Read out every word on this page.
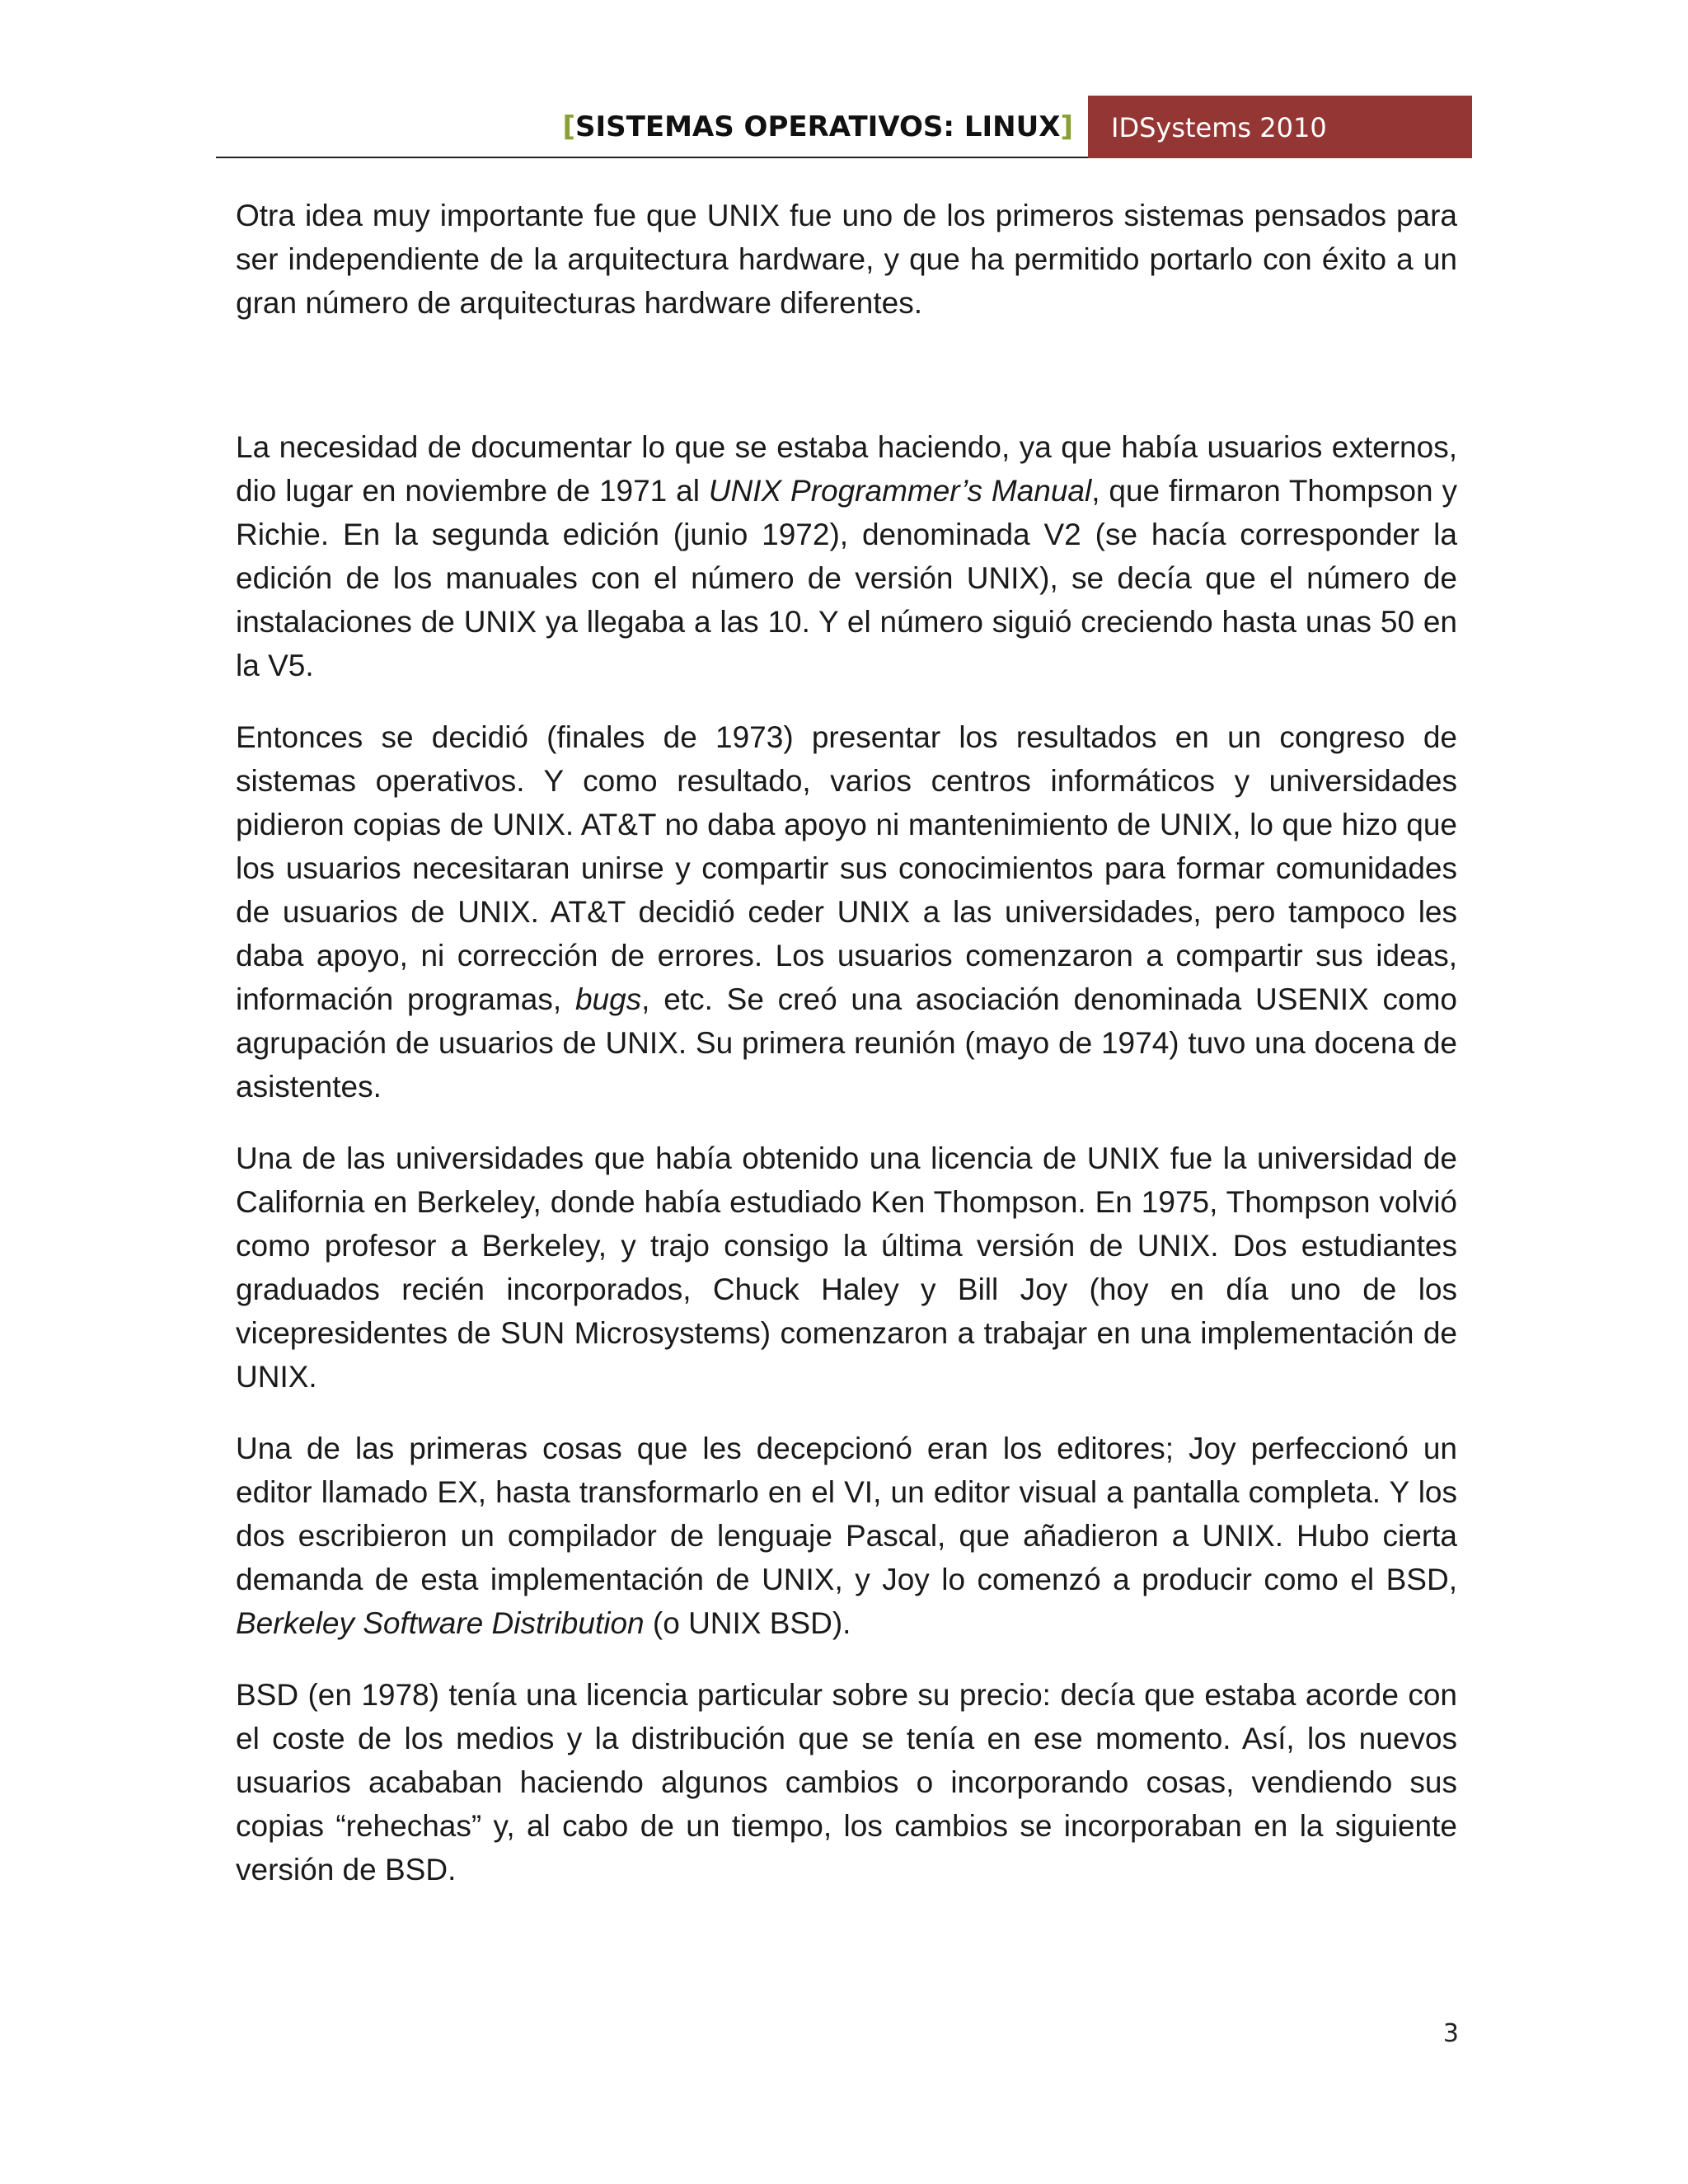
[SISTEMAS OPERATIVOS: LINUX] IDSystems 2010

Otra idea muy importante fue que UNIX fue uno de los primeros sistemas pensados para ser independiente de la arquitectura hardware, y que ha permitido portarlo con éxito a un gran número de arquitecturas hardware diferentes.

La necesidad de documentar lo que se estaba haciendo, ya que había usuarios externos, dio lugar en noviembre de 1971 al UNIX Programmer’s Manual, que firmaron Thompson y Richie. En la segunda edición (junio 1972), denominada V2 (se hacía corresponder la edición de los manuales con el número de versión UNIX), se decía que el número de instalaciones de UNIX ya llegaba a las 10. Y el número siguió creciendo hasta unas 50 en la V5.

Entonces se decidió (finales de 1973) presentar los resultados en un congreso de sistemas operativos. Y como resultado, varios centros informáticos y universidades pidieron copias de UNIX. AT&T no daba apoyo ni mantenimiento de UNIX, lo que hizo que los usuarios necesitaran unirse y compartir sus conocimientos para formar comunidades de usuarios de UNIX. AT&T decidió ceder UNIX a las universidades, pero tampoco les daba apoyo, ni corrección de errores. Los usuarios comenzaron a compartir sus ideas, información programas, bugs, etc. Se creó una asociación denominada USENIX como agrupación de usuarios de UNIX. Su primera reunión (mayo de 1974) tuvo una docena de asistentes.

Una de las universidades que había obtenido una licencia de UNIX fue la universidad de California en Berkeley, donde había estudiado Ken Thompson. En 1975, Thompson volvió como profesor a Berkeley, y trajo consigo la última versión de UNIX. Dos estudiantes graduados recién incorporados, Chuck Haley y Bill Joy (hoy en día uno de los vicepresidentes de SUN Microsystems) comenzaron a trabajar en una implementación de UNIX.

Una de las primeras cosas que les decepcionó eran los editores; Joy perfeccionó un editor llamado EX, hasta transformarlo en el VI, un editor visual a pantalla completa. Y los dos escribieron un compilador de lenguaje Pascal, que añadieron a UNIX. Hubo cierta demanda de esta implementación de UNIX, y Joy lo comenzó a producir como el BSD, Berkeley Software Distribution (o UNIX BSD).

BSD (en 1978) tenía una licencia particular sobre su precio: decía que estaba acorde con el coste de los medios y la distribución que se tenía en ese momento. Así, los nuevos usuarios acababan haciendo algunos cambios o incorporando cosas, vendiendo sus copias “rehechas” y, al cabo de un tiempo, los cambios se incorporaban en la siguiente versión de BSD.

3
